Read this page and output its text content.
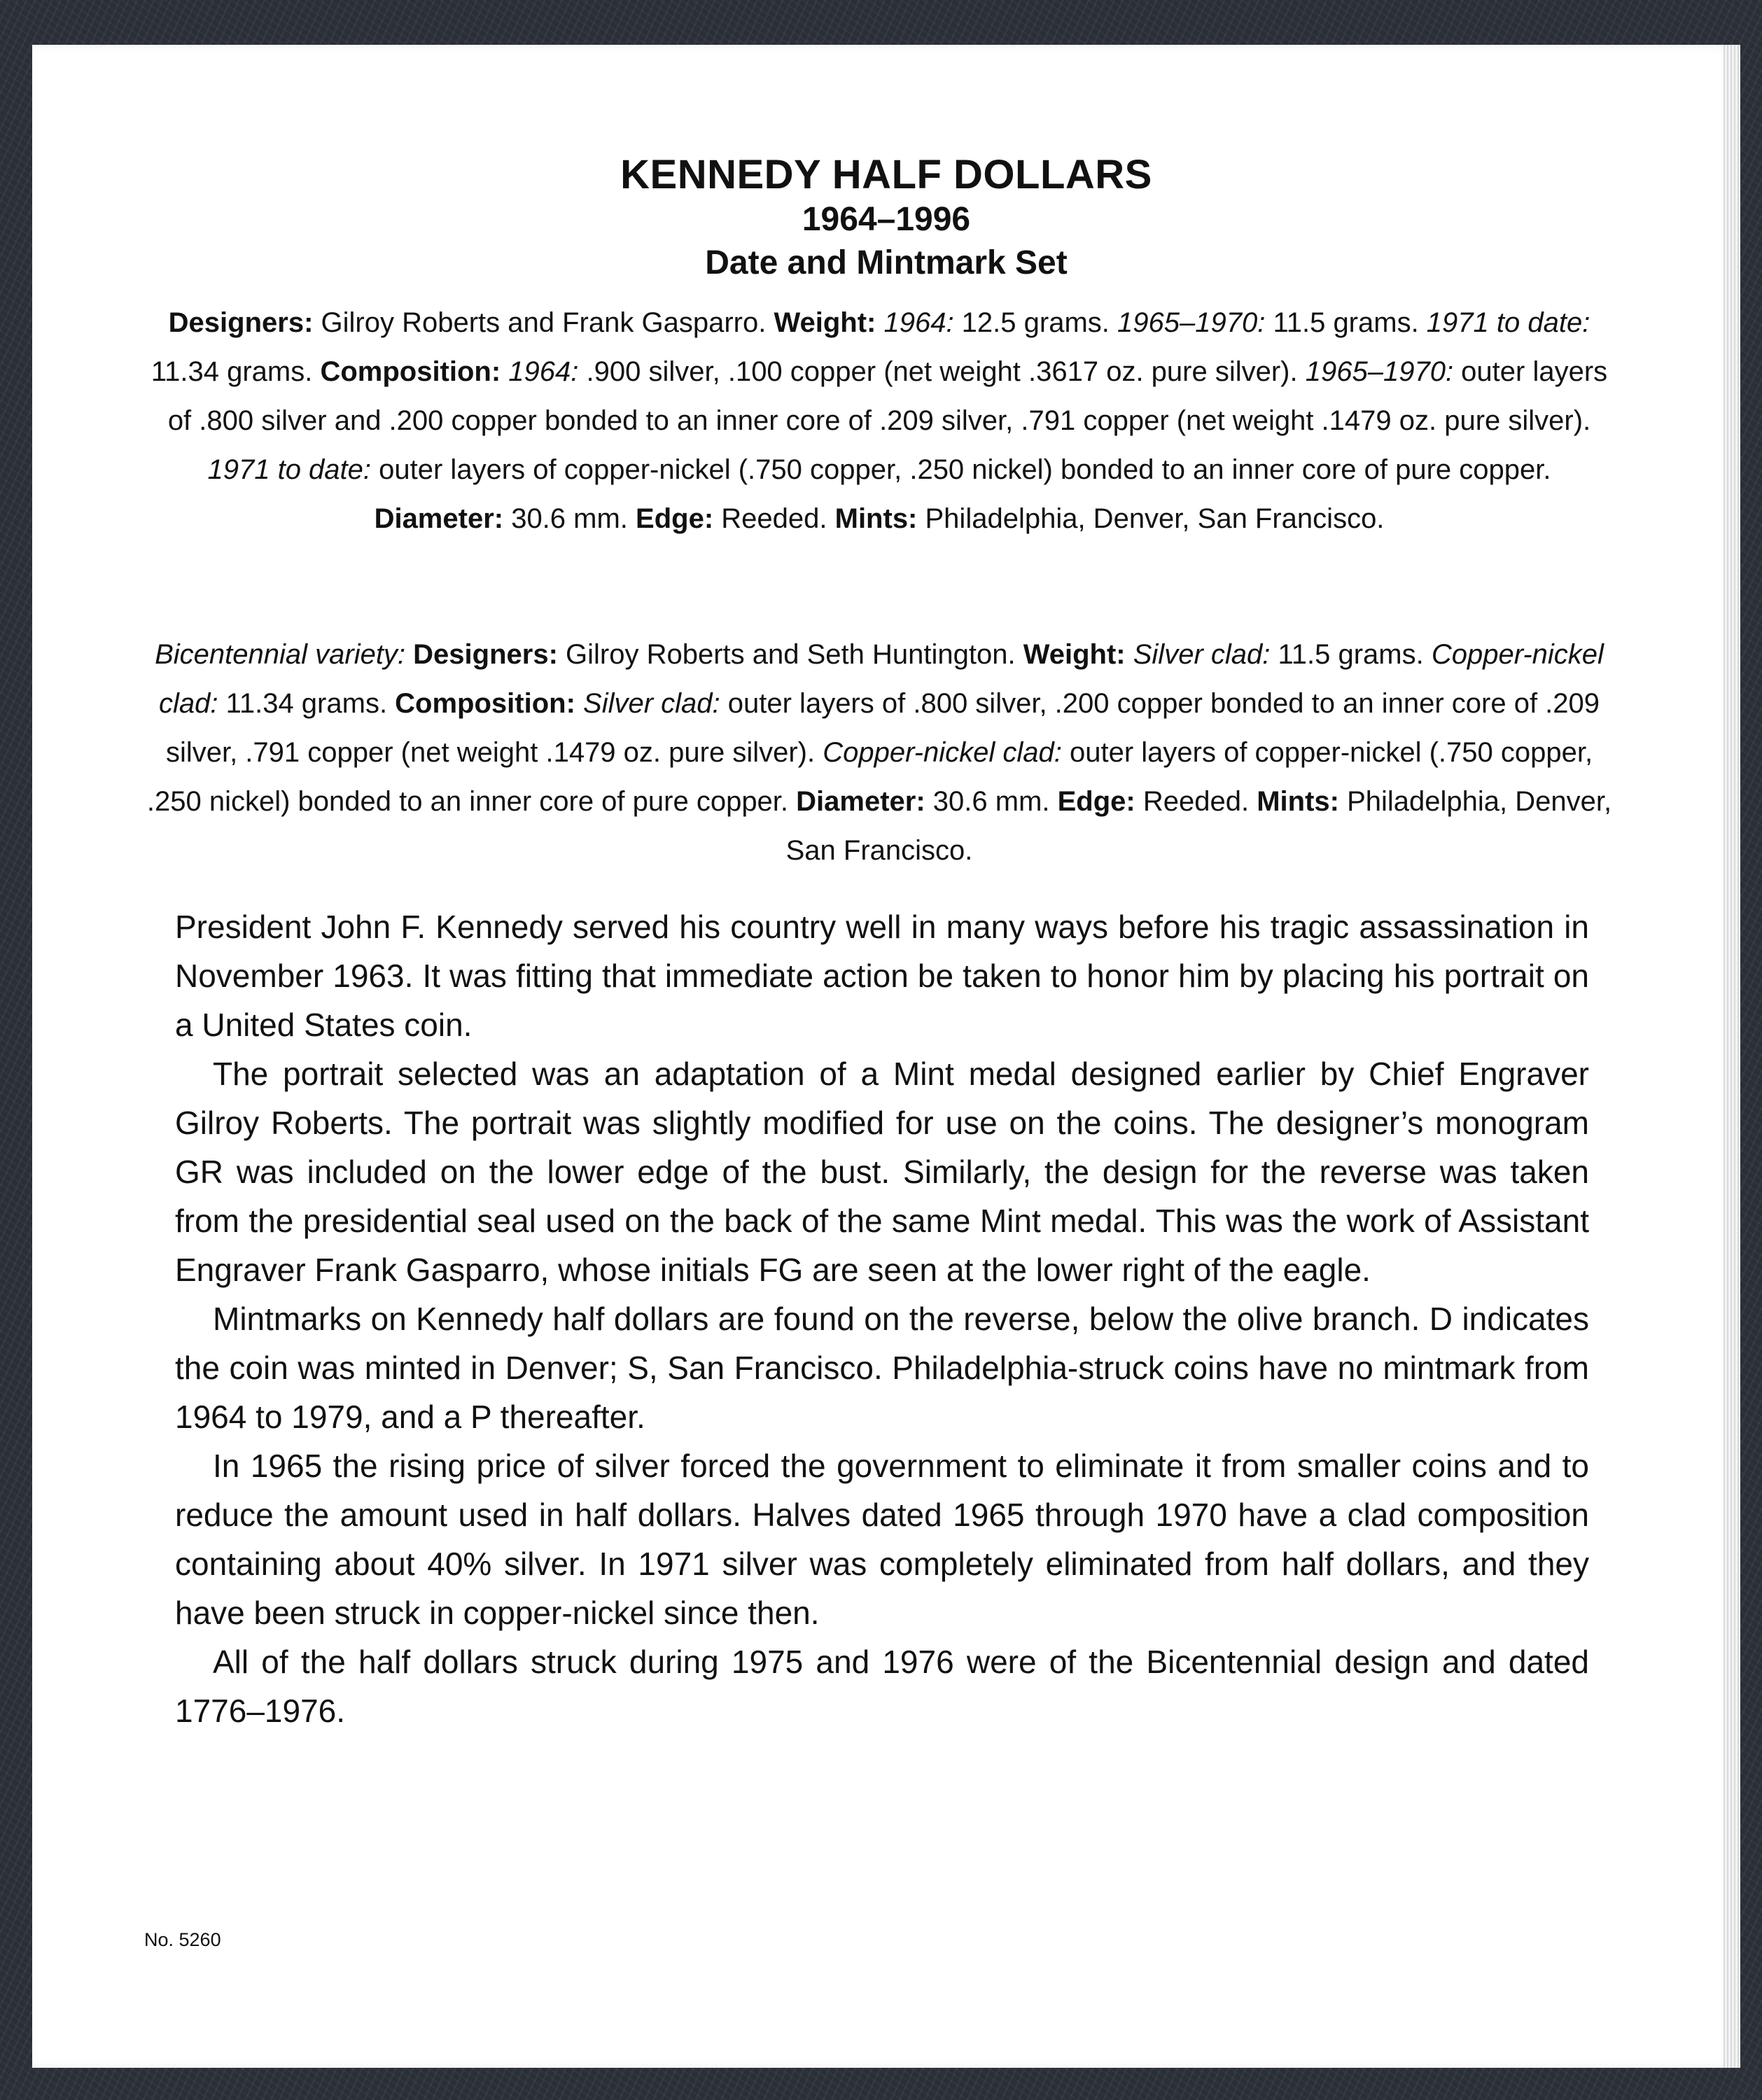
KENNEDY HALF DOLLARS
1964–1996
Date and Mintmark Set
Designers: Gilroy Roberts and Frank Gasparro. Weight: 1964: 12.5 grams. 1965–1970: 11.5 grams. 1971 to date: 11.34 grams. Composition: 1964: .900 silver, .100 copper (net weight .3617 oz. pure silver). 1965–1970: outer layers of .800 silver and .200 copper bonded to an inner core of .209 silver, .791 copper (net weight .1479 oz. pure silver). 1971 to date: outer layers of copper-nickel (.750 copper, .250 nickel) bonded to an inner core of pure copper. Diameter: 30.6 mm. Edge: Reeded. Mints: Philadelphia, Denver, San Francisco.
Bicentennial variety: Designers: Gilroy Roberts and Seth Huntington. Weight: Silver clad: 11.5 grams. Copper-nickel clad: 11.34 grams. Composition: Silver clad: outer layers of .800 silver, .200 copper bonded to an inner core of .209 silver, .791 copper (net weight .1479 oz. pure silver). Copper-nickel clad: outer layers of copper-nickel (.750 copper, .250 nickel) bonded to an inner core of pure copper. Diameter: 30.6 mm. Edge: Reeded. Mints: Philadelphia, Denver, San Francisco.

President John F. Kennedy served his country well in many ways before his tragic assassination in November 1963. It was fitting that immediate action be taken to honor him by placing his portrait on a United States coin.

The portrait selected was an adaptation of a Mint medal designed earlier by Chief Engraver Gilroy Roberts. The portrait was slightly modified for use on the coins. The designer’s monogram GR was included on the lower edge of the bust. Similarly, the design for the reverse was taken from the presidential seal used on the back of the same Mint medal. This was the work of Assistant Engraver Frank Gasparro, whose initials FG are seen at the lower right of the eagle.

Mintmarks on Kennedy half dollars are found on the reverse, below the olive branch. D indicates the coin was minted in Denver; S, San Francisco. Philadelphia-struck coins have no mintmark from 1964 to 1979, and a P thereafter.

In 1965 the rising price of silver forced the government to eliminate it from smaller coins and to reduce the amount used in half dollars. Halves dated 1965 through 1970 have a clad composition containing about 40% silver. In 1971 silver was completely eliminated from half dollars, and they have been struck in copper-nickel since then.

All of the half dollars struck during 1975 and 1976 were of the Bicentennial design and dated 1776–1976.

No. 5260
